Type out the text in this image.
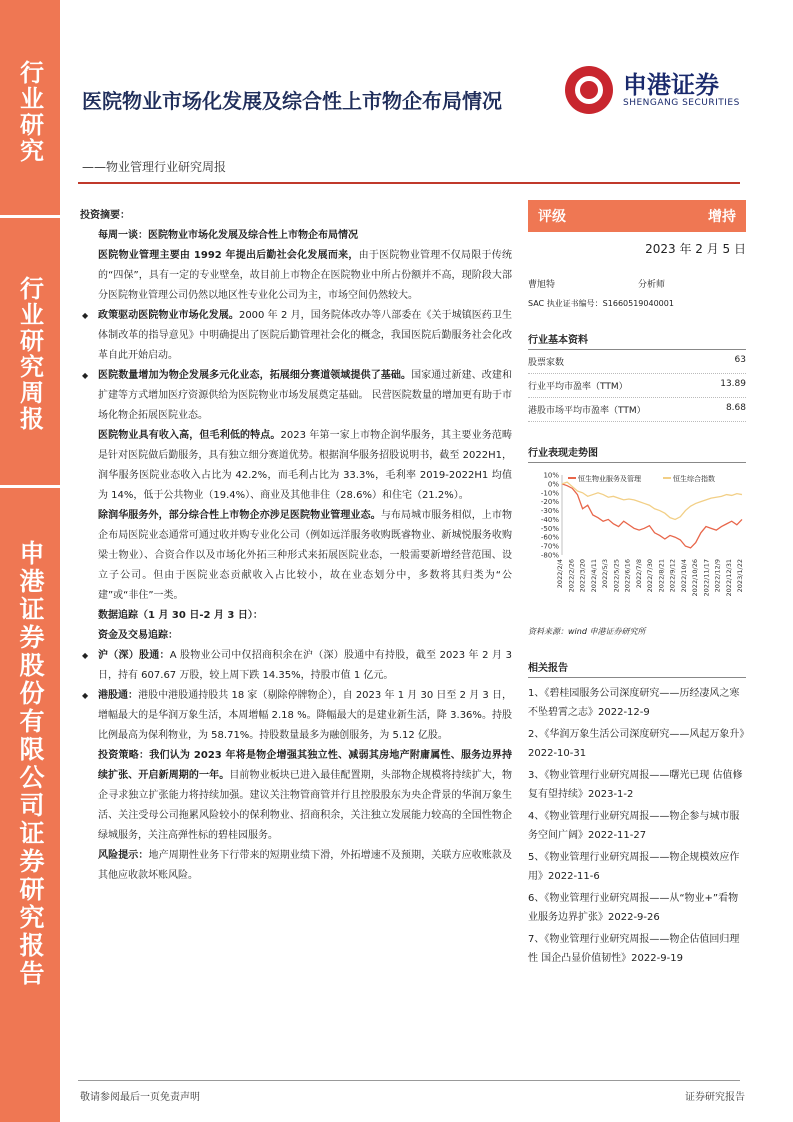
行业研究
行业研究周报
申港证券股份有限公司证券研究报告
医院物业市场化发展及综合性上市物企布局情况
——物业管理行业研究周报
申港证券
SHENGANG SECURITIES

投资摘要：

每周一谈：医院物业市场化发展及综合性上市物企布局情况

医院物业管理主要由 1992 年提出后勤社会化发展而来，由于医院物业管理不仅局限于传统的“四保”，具有一定的专业壁垒，故目前上市物企在医院物业中所占份额并不高，现阶段大部分医院物业管理公司仍然以地区性专业化公司为主，市场空间仍然较大。

◆ 政策驱动医院物业市场化发展。2000 年 2 月，国务院体改办等八部委在《关于城镇医药卫生体制改革的指导意见》中明确提出了医院后勤管理社会化的概念，我国医院后勤服务社会化改革自此开始启动。

◆ 医院数量增加为物企发展多元化业态，拓展细分赛道领域提供了基础。国家通过新建、改建和扩建等方式增加医疗资源供给为医院物业市场发展奠定基础。 民营医院数量的增加更有助于市场化物企拓展医院业态。

医院物业具有收入高，但毛利低的特点。2023 年第一家上市物企润华服务，其主要业务范畴是针对医院做后勤服务，具有独立细分赛道优势。根据润华服务招股说明书，截至 2022H1，润华服务医院业态收入占比为 42.2%，而毛利占比为 33.3%，毛利率 2019-2022H1 均值为 14%，低于公共物业（19.4%）、商业及其他非住（28.6%）和住宅（21.2%）。

除润华服务外，部分综合性上市物企亦涉足医院物业管理业态。与布局城市服务相似，上市物企布局医院业态通常可通过收并购专业化公司（例如远洋服务收购既睿物业、新城悦服务收购梁士物业）、合资合作以及市场化外拓三种形式来拓展医院业态，一般需要新增经营范围、设立子公司。但由于医院业态贡献收入占比较小，故在业态划分中，多数将其归类为“公建”或“非住”一类。

数据追踪（1 月 30 日-2 月 3 日）：

资金及交易追踪：

◆ 沪（深）股通：A 股物业公司中仅招商积余在沪（深）股通中有持股，截至 2023 年 2 月 3 日，持有 607.67 万股，较上周下跌 14.35%，持股市值 1 亿元。

◆ 港股通：港股中港股通持股共 18 家（剔除停牌物企），自 2023 年 1 月 30 日至 2 月 3 日，增幅最大的是华润万象生活，本周增幅 2.18 %。降幅最大的是建业新生活，降 3.36%。持股比例最高为保利物业，为 58.71%。持股数量最多为融创服务，为 5.12 亿股。

投资策略：我们认为 2023 年将是物企增强其独立性、减弱其房地产附庸属性、服务边界持续扩张、开启新周期的一年。目前物业板块已进入最佳配置期，头部物企规模将持续扩大，物企寻求独立扩张能力将持续加强。建议关注物管商管并行且控股股东为央企背景的华润万象生活、关注受母公司拖累风险较小的保利物业、招商积余，关注独立发展能力较高的全国性物企绿城服务，关注高弹性标的碧桂园服务。

风险提示：地产周期性业务下行带来的短期业绩下滑，外拓增速不及预期，关联方应收账款及其他应收款坏账风险。

评级	增持
2023 年 2 月 5 日
曹旭特	分析师
SAC 执业证书编号：S1660519040001
行业基本资料
股票家数	63
行业平均市盈率（TTM）	13.89
港股市场平均市盈率（TTM）	8.68
行业表现走势图
10%
0%
-10%
-20%
-30%
-40%
-50%
-60%
-70%
-80%
2022/2/4 2022/2/26 2022/3/20 2022/4/11 2022/5/3 2022/5/25 2022/6/16 2022/7/8 2022/7/30 2022/8/21 2022/9/12 2022/10/4 2022/10/26 2022/11/17 2022/12/9 2022/12/31 2023/1/22
恒生物业服务及管理	恒生综合指数
资料来源：wind 申港证券研究所
相关报告
1、《碧桂园服务公司深度研究——历经凄风之寒 不坠碧霄之志》2022-12-9
2、《华润万象生活公司深度研究——风起万象升》2022-10-31
3、《物业管理行业研究周报——曙光已现 估值修复有望持续》2023-1-2
4、《物业管理行业研究周报——物企参与城市服务空间广阔》2022-11-27
5、《物业管理行业研究周报——物企规模效应作用》2022-11-6
6、《物业管理行业研究周报——从“物业+”看物业服务边界扩张》2022-9-26
7、《物业管理行业研究周报——物企估值回归理性 国企凸显价值韧性》2022-9-19
敬请参阅最后一页免责声明	证券研究报告
